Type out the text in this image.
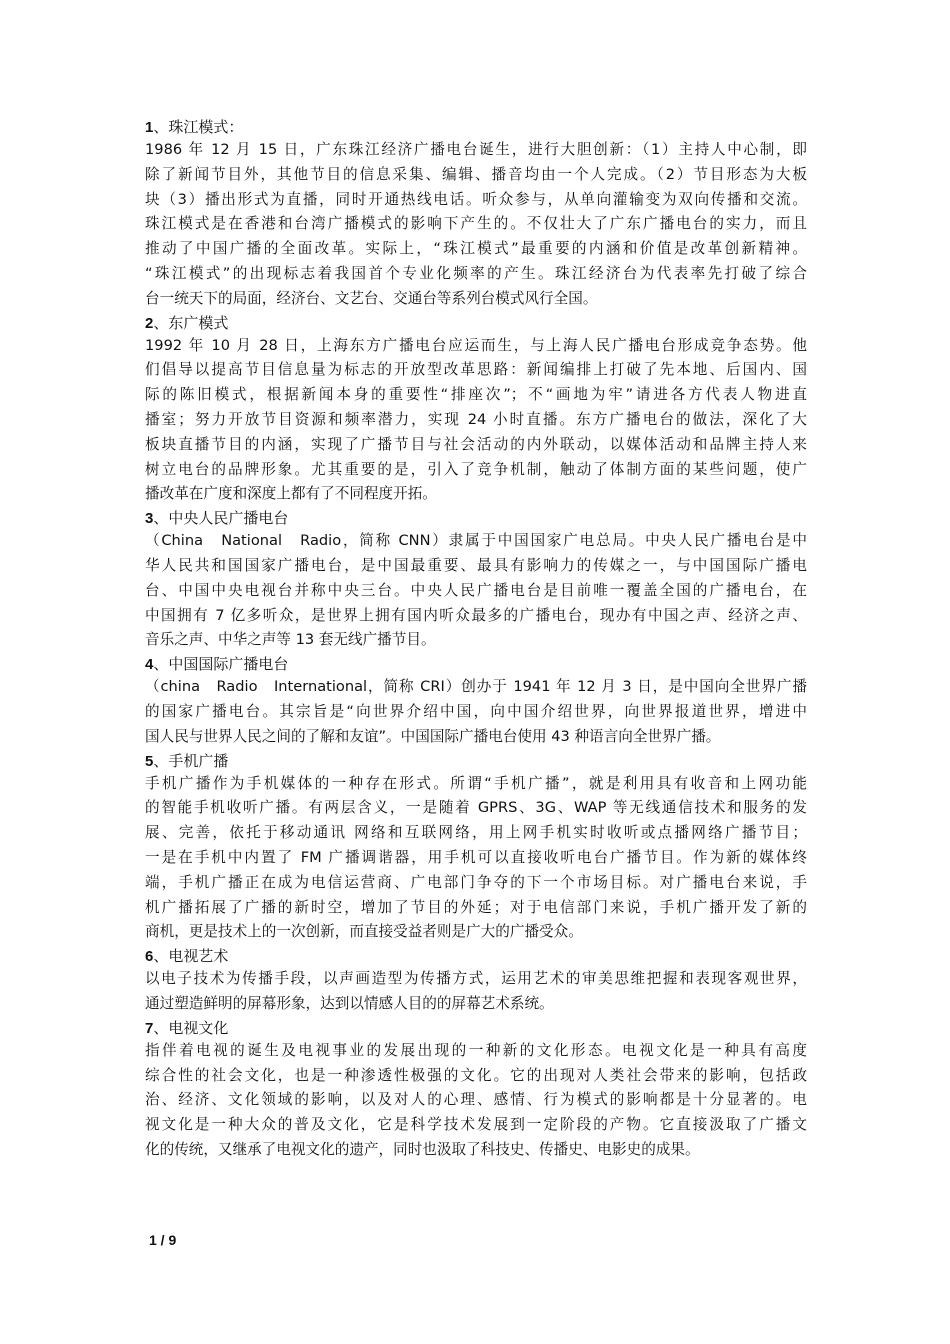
1、珠江模式：

1986 年 12 月 15 日，广东珠江经济广播电台诞生，进行大胆创新：（1）主持人中心制，即

除了新闻节目外，其他节目的信息采集、编辑、播音均由一个人完成。（2）节目形态为大板

块（3）播出形式为直播，同时开通热线电话。听众参与，从单向灌输变为双向传播和交流。

珠江模式是在香港和台湾广播模式的影响下产生的。不仅壮大了广东广播电台的实力，而且

推动了中国广播的全面改革。实际上，“珠江模式”最重要的内涵和价值是改革创新精神。

“珠江模式”的出现标志着我国首个专业化频率的产生。珠江经济台为代表率先打破了综合

台一统天下的局面，经济台、文艺台、交通台等系列台模式风行全国。

2、东广模式

1992 年 10 月 28 日，上海东方广播电台应运而生，与上海人民广播电台形成竞争态势。他

们倡导以提高节目信息量为标志的开放型改革思路：新闻编排上打破了先本地、后国内、国

际的陈旧模式，根据新闻本身的重要性“排座次”；不“画地为牢”请进各方代表人物进直

播室；努力开放节目资源和频率潜力，实现 24 小时直播。东方广播电台的做法，深化了大

板块直播节目的内涵，实现了广播节目与社会活动的内外联动，以媒体活动和品牌主持人来

树立电台的品牌形象。尤其重要的是，引入了竞争机制，触动了体制方面的某些问题，使广

播改革在广度和深度上都有了不同程度开拓。

3、中央人民广播电台

（China　National　Radio，简称 CNN）隶属于中国国家广电总局。中央人民广播电台是中

华人民共和国国家广播电台，是中国最重要、最具有影响力的传媒之一，与中国国际广播电

台、中国中央电视台并称中央三台。中央人民广播电台是目前唯一覆盖全国的广播电台，在

中国拥有 7 亿多听众，是世界上拥有国内听众最多的广播电台，现办有中国之声、经济之声、

音乐之声、中华之声等 13 套无线广播节目。

4、中国国际广播电台

（china　Radio　International，简称 CRI）创办于 1941 年 12 月 3 日，是中国向全世界广播

的国家广播电台。其宗旨是“向世界介绍中国，向中国介绍世界，向世界报道世界，增进中

国人民与世界人民之间的了解和友谊”。中国国际广播电台使用 43 种语言向全世界广播。

5、手机广播

手机广播作为手机媒体的一种存在形式。所谓“手机广播”，就是利用具有收音和上网功能

的智能手机收听广播。有两层含义，一是随着 GPRS、3G、WAP 等无线通信技术和服务的发

展、完善，依托于移动通讯 网络和互联网络，用上网手机实时收听或点播网络广播节目；

一是在手机中内置了 FM 广播调谐器，用手机可以直接收听电台广播节目。作为新的媒体终

端，手机广播正在成为电信运营商、广电部门争夺的下一个市场目标。对广播电台来说，手

机广播拓展了广播的新时空，增加了节目的外延；对于电信部门来说，手机广播开发了新的

商机，更是技术上的一次创新，而直接受益者则是广大的广播受众。

6、电视艺术

以电子技术为传播手段，以声画造型为传播方式，运用艺术的审美思维把握和表现客观世界，

通过塑造鲜明的屏幕形象，达到以情感人目的的屏幕艺术系统。

7、电视文化

指伴着电视的诞生及电视事业的发展出现的一种新的文化形态。电视文化是一种具有高度

综合性的社会文化，也是一种渗透性极强的文化。它的出现对人类社会带来的影响，包括政

治、经济、文化领域的影响，以及对人的心理、感情、行为模式的影响都是十分显著的。电

视文化是一种大众的普及文化，它是科学技术发展到一定阶段的产物。它直接汲取了广播文

化的传统，又继承了电视文化的遗产，同时也汲取了科技史、传播史、电影史的成果。

1 / 9
